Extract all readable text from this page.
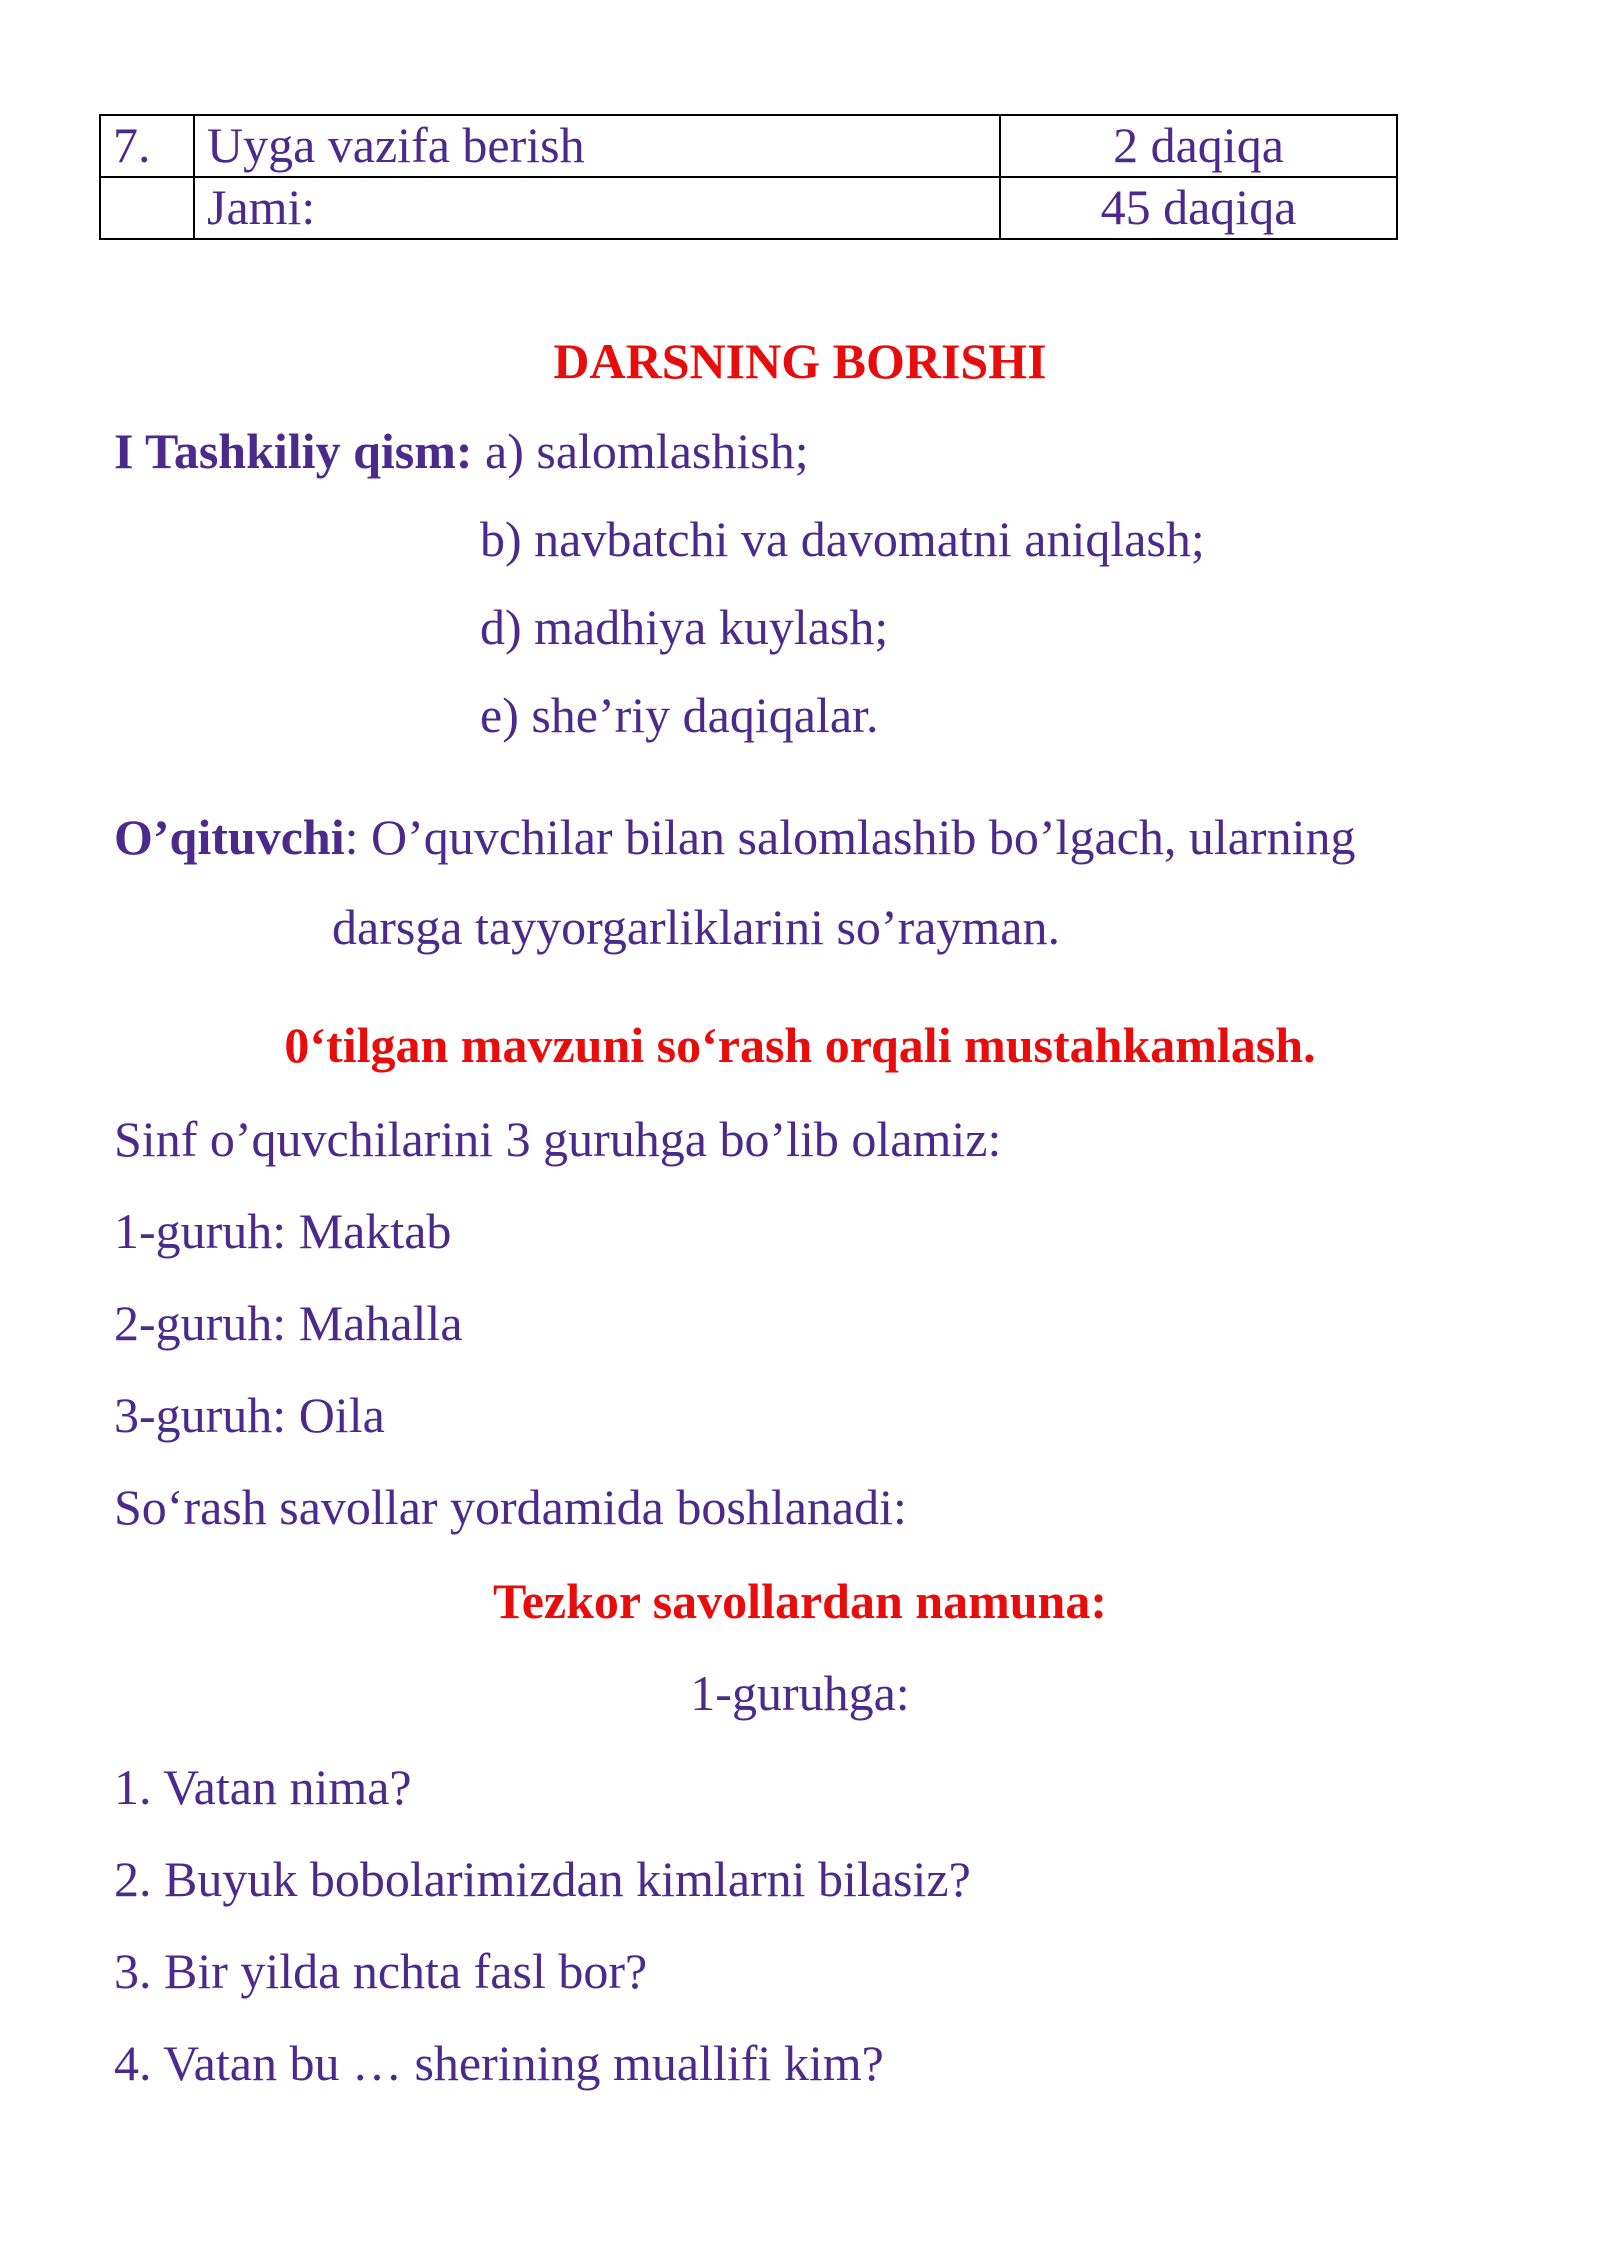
7.	Uyga vazifa berish	2 daqiqa
	Jami:	45 daqiqa
DARSNING BORISHI
I Tashkiliy qism: a) salomlashish;
b) navbatchi va davomatni aniqlash;
d) madhiya kuylash;
e) she’riy daqiqalar.
O’qituvchi: O’quvchilar bilan salomlashib bo’lgach, ularning
darsga tayyorgarliklarini so’rayman.
0‘tilgan mavzuni so‘rash orqali mustahkamlash.
Sinf o’quvchilarini 3 guruhga bo’lib olamiz:
1-guruh: Maktab
2-guruh: Mahalla
3-guruh: Oila
So‘rash savollar yordamida boshlanadi:
Tezkor savollardan namuna:
1-guruhga:
1. Vatan nima?
2. Buyuk bobolarimizdan kimlarni bilasiz?
3. Bir yilda nchta fasl bor?
4. Vatan bu … sherining muallifi kim?
